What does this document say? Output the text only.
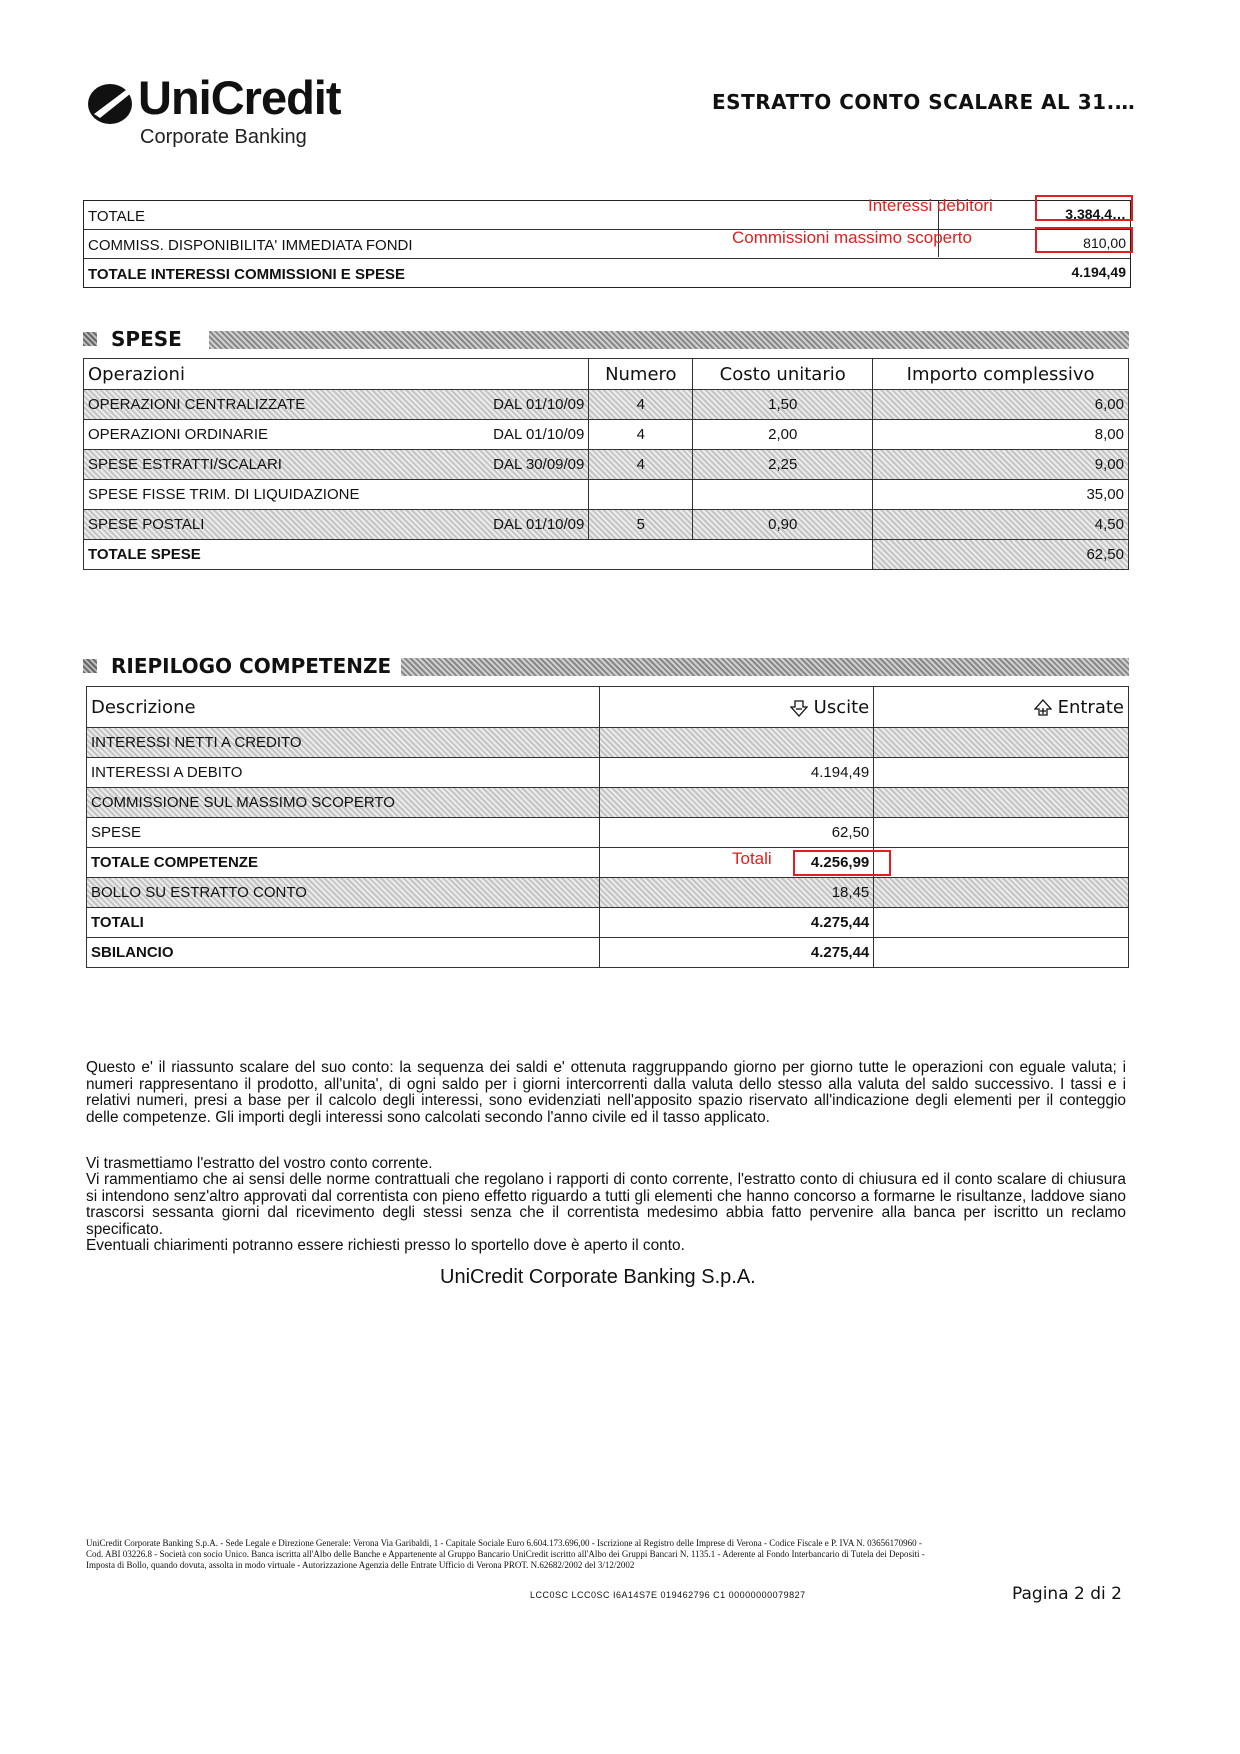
UniCredit
Corporate Banking
ESTRATTO CONTO SCALARE AL 31.…
TOTALE	3.384,4…
COMMISS. DISPONIBILITA' IMMEDIATA FONDI	810,00
TOTALE INTERESSI COMMISSIONI E SPESE	4.194,49
Interessi debitori
Commissioni massimo scoperto
SPESE
Operazioni	Numero	Costo unitario	Importo complessivo
OPERAZIONI CENTRALIZZATE DAL 01/10/09	4	1,50	6,00
OPERAZIONI ORDINARIE DAL 01/10/09	4	2,00	8,00
SPESE ESTRATTI/SCALARI DAL 30/09/09	4	2,25	9,00
SPESE FISSE TRIM. DI LIQUIDAZIONE			35,00
SPESE POSTALI DAL 01/10/09	5	0,90	4,50
TOTALE SPESE			62,50
RIEPILOGO COMPETENZE
Descrizione	Uscite	Entrate
INTERESSI NETTI A CREDITO		
INTERESSI A DEBITO	4.194,49	
COMMISSIONE SUL MASSIMO SCOPERTO		
SPESE	62,50	
TOTALE COMPETENZE	4.256,99	
BOLLO SU ESTRATTO CONTO	18,45	
TOTALI	4.275,44	
SBILANCIO	4.275,44	
Totali
Questo e' il riassunto scalare del suo conto: la sequenza dei saldi e' ottenuta raggruppando giorno per giorno tutte le operazioni con eguale valuta; i numeri rappresentano il prodotto, all'unita', di ogni saldo per i giorni intercorrenti dalla valuta dello stesso alla valuta del saldo successivo. I tassi e i relativi numeri, presi a base per il calcolo degli interessi, sono evidenziati nell'apposito spazio riservato all'indicazione degli elementi per il conteggio delle competenze. Gli importi degli interessi sono calcolati secondo l'anno civile ed il tasso applicato.
Vi trasmettiamo l'estratto del vostro conto corrente.
Vi rammentiamo che ai sensi delle norme contrattuali che regolano i rapporti di conto corrente, l'estratto conto di chiusura ed il conto scalare di chiusura si intendono senz'altro approvati dal correntista con pieno effetto riguardo a tutti gli elementi che hanno concorso a formarne le risultanze, laddove siano trascorsi sessanta giorni dal ricevimento degli stessi senza che il correntista medesimo abbia fatto pervenire alla banca per iscritto un reclamo specificato.
Eventuali chiarimenti potranno essere richiesti presso lo sportello dove è aperto il conto.
UniCredit Corporate Banking S.p.A.
UniCredit Corporate Banking S.p.A. - Sede Legale e Direzione Generale: Verona Via Garibaldi, 1 - Capitale Sociale Euro 6.604.173.696,00 - Iscrizione al Registro delle Imprese di Verona - Codice Fiscale e P. IVA N. 03656170960 -
Cod. ABI 03226.8 - Società con socio Unico. Banca iscritta all'Albo delle Banche e Appartenente al Gruppo Bancario UniCredit iscritto all'Albo dei Gruppi Bancari N. 1135.1 - Aderente al Fondo Interbancario di Tutela dei Depositi -
Imposta di Bollo, quando dovuta, assolta in modo virtuale - Autorizzazione Agenzia delle Entrate Ufficio di Verona PROT. N.62682/2002 del 3/12/2002
LCC0SC LCC0SC I6A14S7E 019462796 C1 00000000079827	Pagina 2 di 2
